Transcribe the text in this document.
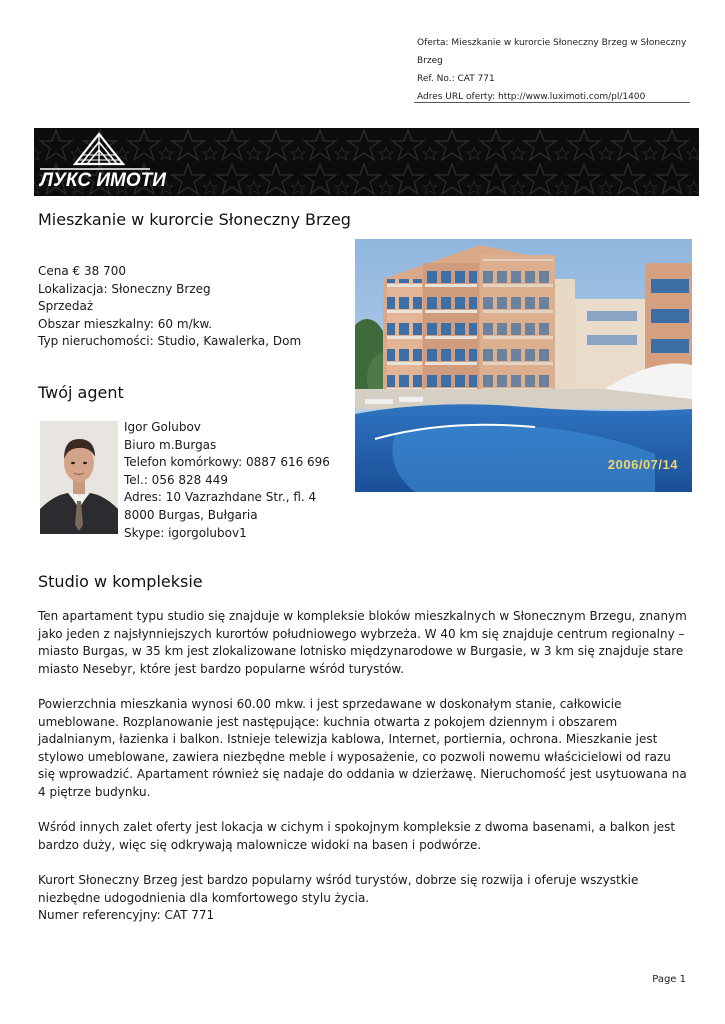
Oferta: Mieszkanie w kurorcie Słoneczny Brzeg w Słoneczny
Brzeg
Ref. No.: CAT 771
Adres URL oferty: http://www.luximoti.com/pl/1400
ЛУКС ИМОТИ
Mieszkanie w kurorcie Słoneczny Brzeg
Cena € 38 700
Lokalizacja: Słoneczny Brzeg
Sprzedaż
Obszar mieszkalny: 60 m/kw.
Typ nieruchomości: Studio, Kawalerka, Dom
2006/07/14
Twój agent
Igor Golubov
Biuro m.Burgas
Telefon komórkowy: 0887 616 696
Tel.: 056 828 449
Adres: 10 Vazrazhdane Str., fl. 4
8000 Burgas, Bułgaria
Skype: igorgolubov1
Studio w kompleksie

Ten apartament typu studio się znajduje w kompleksie bloków mieszkalnych w Słonecznym Brzegu, znanym jako jeden z najsłynniejszych kurortów południowego wybrzeża. W 40 km się znajduje centrum regionalny – miasto Burgas, w 35 km jest zlokalizowane lotnisko międzynarodowe w Burgasie, w 3 km się znajduje stare miasto Nesebyr, które jest bardzo popularne wśród turystów.

Powierzchnia mieszkania wynosi 60.00 mkw. i jest sprzedawane w doskonałym stanie, całkowicie umeblowane. Rozplanowanie jest następujące: kuchnia otwarta z pokojem dziennym i obszarem jadalnianym, łazienka i balkon. Istnieje telewizja kablowa, Internet, portiernia, ochrona. Mieszkanie jest stylowo umeblowane, zawiera niezbędne meble i wyposażenie, co pozwoli nowemu właścicielowi od razu się wprowadzić. Apartament również się nadaje do oddania w dzierżawę. Nieruchomość jest usytuowana na 4 piętrze budynku.

Wśród innych zalet oferty jest lokacja w cichym i spokojnym kompleksie z dwoma basenami, a balkon jest bardzo duży, więc się odkrywają malownicze widoki na basen i podwórze.

Kurort Słoneczny Brzeg jest bardzo popularny wśród turystów, dobrze się rozwija i oferuje wszystkie niezbędne udogodnienia dla komfortowego stylu życia.

Numer referencyjny: CAT 771
Page 1
